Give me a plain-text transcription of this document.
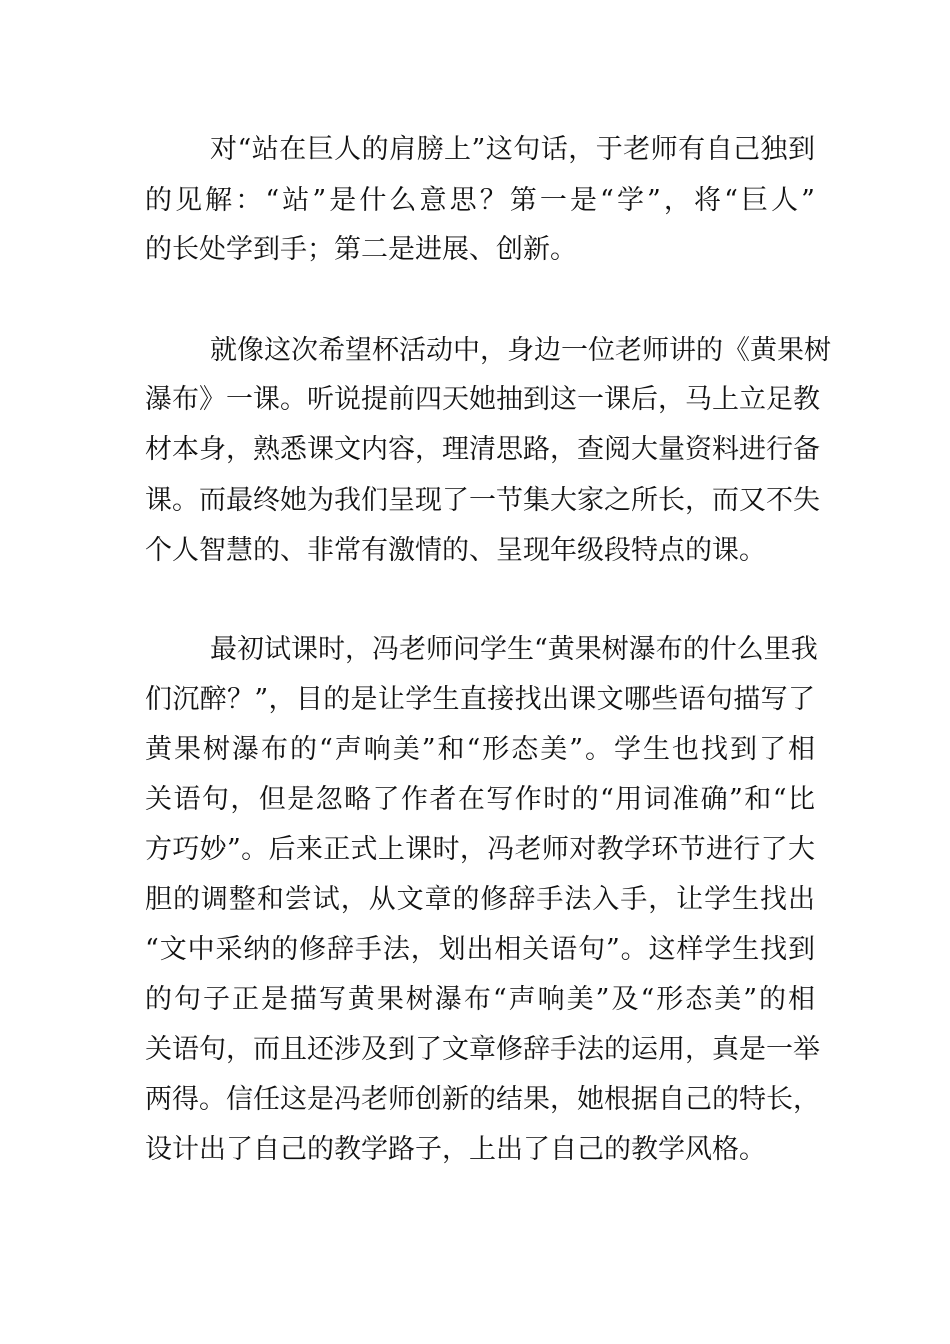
对“站在巨人的肩膀上”这句话，于老师有自己独到
的见解：“站”是什么意思？第一是“学”，将“巨人”
的长处学到手；第二是进展、创新。
就像这次希望杯活动中，身边一位老师讲的《黄果树
瀑布》一课。听说提前四天她抽到这一课后，马上立足教
材本身，熟悉课文内容，理清思路，查阅大量资料进行备
课。而最终她为我们呈现了一节集大家之所长，而又不失
个人智慧的、非常有激情的、呈现年级段特点的课。
最初试课时，冯老师问学生“黄果树瀑布的什么里我
们沉醉？”，目的是让学生直接找出课文哪些语句描写了
黄果树瀑布的“声响美”和“形态美”。学生也找到了相
关语句，但是忽略了作者在写作时的“用词准确”和“比
方巧妙”。后来正式上课时，冯老师对教学环节进行了大
胆的调整和尝试，从文章的修辞手法入手，让学生找出
“文中采纳的修辞手法，划出相关语句”。这样学生找到
的句子正是描写黄果树瀑布“声响美”及“形态美”的相
关语句，而且还涉及到了文章修辞手法的运用，真是一举
两得。信任这是冯老师创新的结果，她根据自己的特长，
设计出了自己的教学路子，上出了自己的教学风格。
